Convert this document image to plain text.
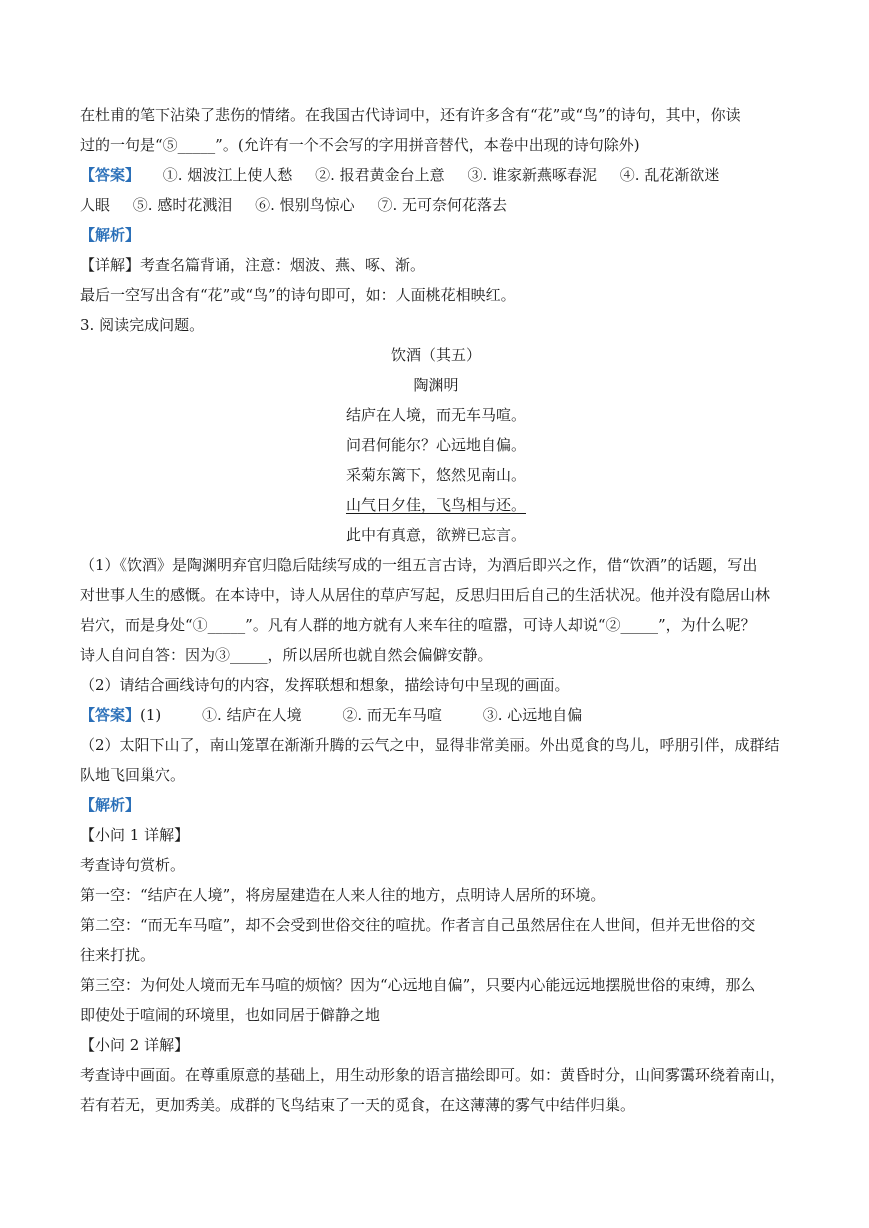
在杜甫的笔下沾染了悲伤的情绪。在我国古代诗词中，还有许多含有“花”或“鸟”的诗句，其中，你读
过的一句是“⑤_____”。(允许有一个不会写的字用拼音替代，本卷中出现的诗句除外)
【答案】 ①. 烟波江上使人愁 ②. 报君黄金台上意 ③. 谁家新燕啄春泥 ④. 乱花渐欲迷
人眼 ⑤. 感时花溅泪 ⑥. 恨别鸟惊心 ⑦. 无可奈何花落去
【解析】
【详解】考查名篇背诵，注意：烟波、燕、啄、渐。
最后一空写出含有“花”或“鸟”的诗句即可，如：人面桃花相映红。
3. 阅读完成问题。
饮酒（其五）
陶渊明
结庐在人境，而无车马喧。
问君何能尔？心远地自偏。
采菊东篱下，悠然见南山。
山气日夕佳，飞鸟相与还。
此中有真意，欲辨已忘言。
（1）《饮酒》是陶渊明弃官归隐后陆续写成的一组五言古诗，为酒后即兴之作，借“饮酒”的话题，写出
对世事人生的感慨。在本诗中，诗人从居住的草庐写起，反思归田后自己的生活状况。他并没有隐居山林
岩穴，而是身处“①_____”。凡有人群的地方就有人来车往的喧嚣，可诗人却说“②_____”，为什么呢？
诗人自问自答：因为③_____，所以居所也就自然会偏僻安静。
（2）请结合画线诗句的内容，发挥联想和想象，描绘诗句中呈现的画面。
【答案】(1)	①. 结庐在人境	②. 而无车马喧	③. 心远地自偏
（2）太阳下山了，南山笼罩在渐渐升腾的云气之中，显得非常美丽。外出觅食的鸟儿，呼朋引伴，成群结
队地飞回巢穴。
【解析】
【小问 1 详解】
考查诗句赏析。
第一空：“结庐在人境”，将房屋建造在人来人往的地方，点明诗人居所的环境。
第二空：“而无车马喧”，却不会受到世俗交往的喧扰。作者言自己虽然居住在人世间，但并无世俗的交
往来打扰。
第三空：为何处人境而无车马喧的烦恼？因为“心远地自偏”，只要内心能远远地摆脱世俗的束缚，那么
即使处于喧闹的环境里，也如同居于僻静之地
【小问 2 详解】
考查诗中画面。在尊重原意的基础上，用生动形象的语言描绘即可。如：黄昏时分，山间雾霭环绕着南山，
若有若无，更加秀美。成群的飞鸟结束了一天的觅食，在这薄薄的雾气中结伴归巢。
